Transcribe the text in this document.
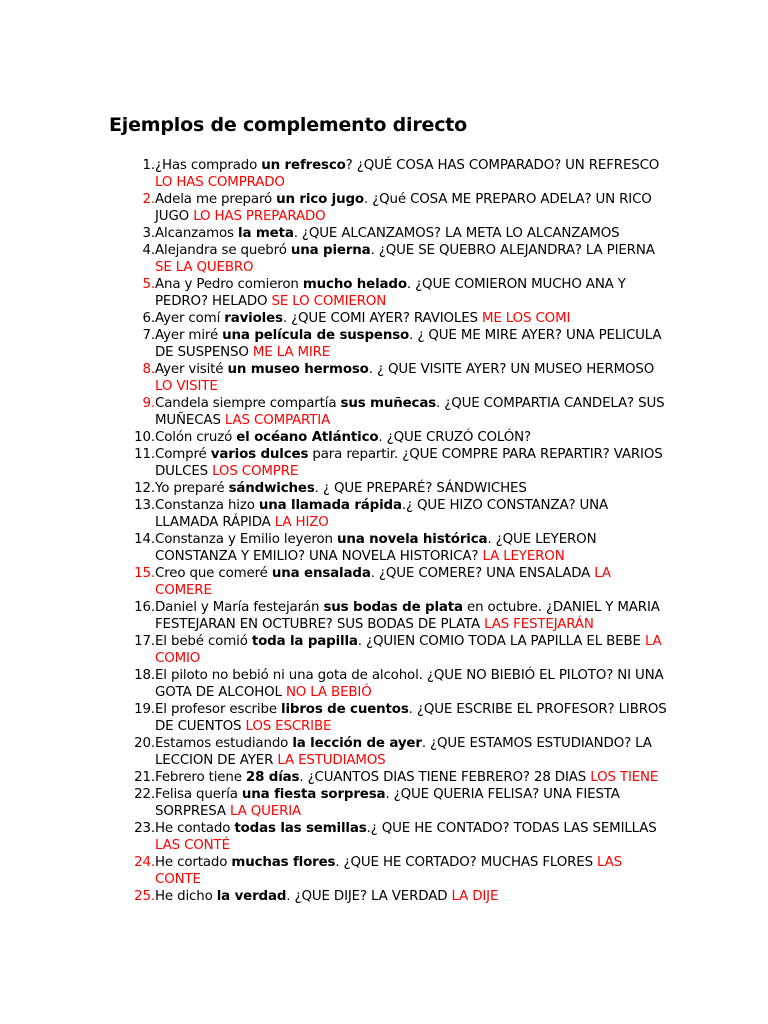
Ejemplos de complemento directo
1. ¿Has comprado un refresco? ¿QUÉ COSA HAS COMPARADO? UN REFRESCO LO HAS COMPRADO
2. Adela me preparó un rico jugo. ¿Qué COSA ME PREPARO ADELA? UN RICO JUGO LO HAS PREPARADO
3. Alcanzamos la meta. ¿QUE ALCANZAMOS? LA META LO ALCANZAMOS
4. Alejandra se quebró una pierna. ¿QUE SE QUEBRO ALEJANDRA? LA PIERNA SE LA QUEBRO
5. Ana y Pedro comieron mucho helado. ¿QUE COMIERON MUCHO ANA Y PEDRO? HELADO SE LO COMIERON
6. Ayer comí ravioles. ¿QUE COMI AYER? RAVIOLES ME LOS COMI
7. Ayer miré una película de suspenso. ¿ QUE ME MIRE AYER? UNA PELICULA DE SUSPENSO ME LA MIRE
8. Ayer visité un museo hermoso. ¿ QUE VISITE AYER? UN MUSEO HERMOSO LO VISITE
9. Candela siempre compartía sus muñecas. ¿QUE COMPARTIA CANDELA? SUS MUÑECAS LAS COMPARTIA
10. Colón cruzó el océano Atlántico. ¿QUE CRUZÓ COLÓN?
11. Compré varios dulces para repartir. ¿QUE COMPRE PARA REPARTIR? VARIOS DULCES LOS COMPRE
12. Yo preparé sándwiches. ¿ QUE PREPARÉ? SÁNDWICHES
13. Constanza hizo una llamada rápida.¿ QUE HIZO CONSTANZA? UNA LLAMADA RÁPIDA LA HIZO
14. Constanza y Emilio leyeron una novela histórica. ¿QUE LEYERON CONSTANZA Y EMILIO? UNA NOVELA HISTORICA? LA LEYERON
15. Creo que comeré una ensalada. ¿QUE COMERE? UNA ENSALADA LA COMERE
16. Daniel y María festejarán sus bodas de plata en octubre. ¿DANIEL Y MARIA FESTEJARAN EN OCTUBRE? SUS BODAS DE PLATA LAS FESTEJARÁN
17. El bebé comió toda la papilla. ¿QUIEN COMIO TODA LA PAPILLA EL BEBE LA COMIO
18. El piloto no bebió ni una gota de alcohol. ¿QUE NO BIEBIÓ EL PILOTO? NI UNA GOTA DE ALCOHOL NO LA BEBIÓ
19. El profesor escribe libros de cuentos. ¿QUE ESCRIBE EL PROFESOR? LIBROS DE CUENTOS LOS ESCRIBE
20. Estamos estudiando la lección de ayer. ¿QUE ESTAMOS ESTUDIANDO? LA LECCION DE AYER LA ESTUDIAMOS
21. Febrero tiene 28 días. ¿CUANTOS DIAS TIENE FEBRERO? 28 DIAS LOS TIENE
22. Felisa quería una fiesta sorpresa. ¿QUE QUERIA FELISA? UNA FIESTA SORPRESA LA QUERIA
23. He contado todas las semillas.¿ QUE HE CONTADO? TODAS LAS SEMILLAS LAS CONTÉ
24. He cortado muchas flores. ¿QUE HE CORTADO? MUCHAS FLORES LAS CONTE
25. He dicho la verdad. ¿QUE DIJE? LA VERDAD LA DIJE
